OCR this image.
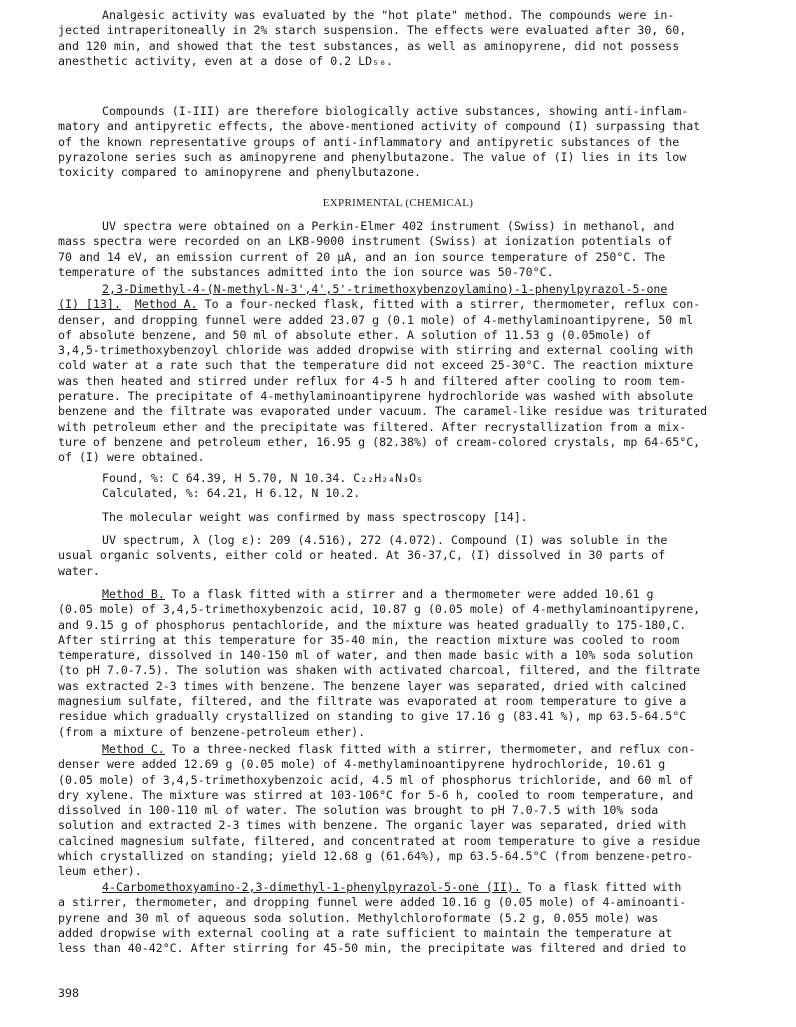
Analgesic activity was evaluated by the "hot plate" method. The compounds were in-
jected intraperitoneally in 2% starch suspension. The effects were evaluated after 30, 60,
and 120 min, and showed that the test substances, as well as aminopyrene, did not possess
anesthetic activity, even at a dose of 0.2 LD₅₀.
Compounds (I-III) are therefore biologically active substances, showing anti-inflam-
matory and antipyretic effects, the above-mentioned activity of compound (I) surpassing that
of the known representative groups of anti-inflammatory and antipyretic substances of the
pyrazolone series such as aminopyrene and phenylbutazone. The value of (I) lies in its low
toxicity compared to aminopyrene and phenylbutazone.
EXPRIMENTAL (CHEMICAL)
UV spectra were obtained on a Perkin-Elmer 402 instrument (Swiss) in methanol, and
mass spectra were recorded on an LKB-9000 instrument (Swiss) at ionization potentials of
70 and 14 eV, an emission current of 20 μA, and an ion source temperature of 250°C. The
temperature of the substances admitted into the ion source was 50-70°C.
2,3-Dimethyl-4-(N-methyl-N-3',4',5'-trimethoxybenzoylamino)-1-phenylpyrazol-5-one
(I) [13]. Method A. To a four-necked flask, fitted with a stirrer, thermometer, reflux con-
denser, and dropping funnel were added 23.07 g (0.1 mole) of 4-methylaminoantipyrene, 50 ml
of absolute benzene, and 50 ml of absolute ether. A solution of 11.53 g (0.05mole) of
3,4,5-trimethoxybenzoyl chloride was added dropwise with stirring and external cooling with
cold water at a rate such that the temperature did not exceed 25-30°C. The reaction mixture
was then heated and stirred under reflux for 4-5 h and filtered after cooling to room tem-
perature. The precipitate of 4-methylaminoantipyrene hydrochloride was washed with absolute
benzene and the filtrate was evaporated under vacuum. The caramel-like residue was triturated
with petroleum ether and the precipitate was filtered. After recrystallization from a mix-
ture of benzene and petroleum ether, 16.95 g (82.38%) of cream-colored crystals, mp 64-65°C,
of (I) were obtained.
Found, %: C 64.39, H 5.70, N 10.34. C₂₂H₂₄N₃O₅
Calculated, %: 64.21, H 6.12, N 10.2.
The molecular weight was confirmed by mass spectroscopy [14].
UV spectrum, λ (log ε): 209 (4.516), 272 (4.072). Compound (I) was soluble in the
usual organic solvents, either cold or heated. At 36-37,C, (I) dissolved in 30 parts of
water.
Method B. To a flask fitted with a stirrer and a thermometer were added 10.61 g
(0.05 mole) of 3,4,5-trimethoxybenzoic acid, 10.87 g (0.05 mole) of 4-methylaminoantipyrene,
and 9.15 g of phosphorus pentachloride, and the mixture was heated gradually to 175-180,C.
After stirring at this temperature for 35-40 min, the reaction mixture was cooled to room
temperature, dissolved in 140-150 ml of water, and then made basic with a 10% soda solution
(to pH 7.0-7.5). The solution was shaken with activated charcoal, filtered, and the filtrate
was extracted 2-3 times with benzene. The benzene layer was separated, dried with calcined
magnesium sulfate, filtered, and the filtrate was evaporated at room temperature to give a
residue which gradually crystallized on standing to give 17.16 g (83.41 %), mp 63.5-64.5°C
(from a mixture of benzene-petroleum ether).
Method C. To a three-necked flask fitted with a stirrer, thermometer, and reflux con-
denser were added 12.69 g (0.05 mole) of 4-methylaminoantipyrene hydrochloride, 10.61 g
(0.05 mole) of 3,4,5-trimethoxybenzoic acid, 4.5 ml of phosphorus trichloride, and 60 ml of
dry xylene. The mixture was stirred at 103-106°C for 5-6 h, cooled to room temperature, and
dissolved in 100-110 ml of water. The solution was brought to pH 7.0-7.5 with 10% soda
solution and extracted 2-3 times with benzene. The organic layer was separated, dried with
calcined magnesium sulfate, filtered, and concentrated at room temperature to give a residue
which crystallized on standing; yield 12.68 g (61.64%), mp 63.5-64.5°C (from benzene-petro-
leum ether).
4-Carbomethoxyamino-2,3-dimethyl-1-phenylpyrazol-5-one (II). To a flask fitted with
a stirrer, thermometer, and dropping funnel were added 10.16 g (0.05 mole) of 4-aminoanti-
pyrene and 30 ml of aqueous soda solution. Methylchloroformate (5.2 g, 0.055 mole) was
added dropwise with external cooling at a rate sufficient to maintain the temperature at
less than 40-42°C. After stirring for 45-50 min, the precipitate was filtered and dried to
398
